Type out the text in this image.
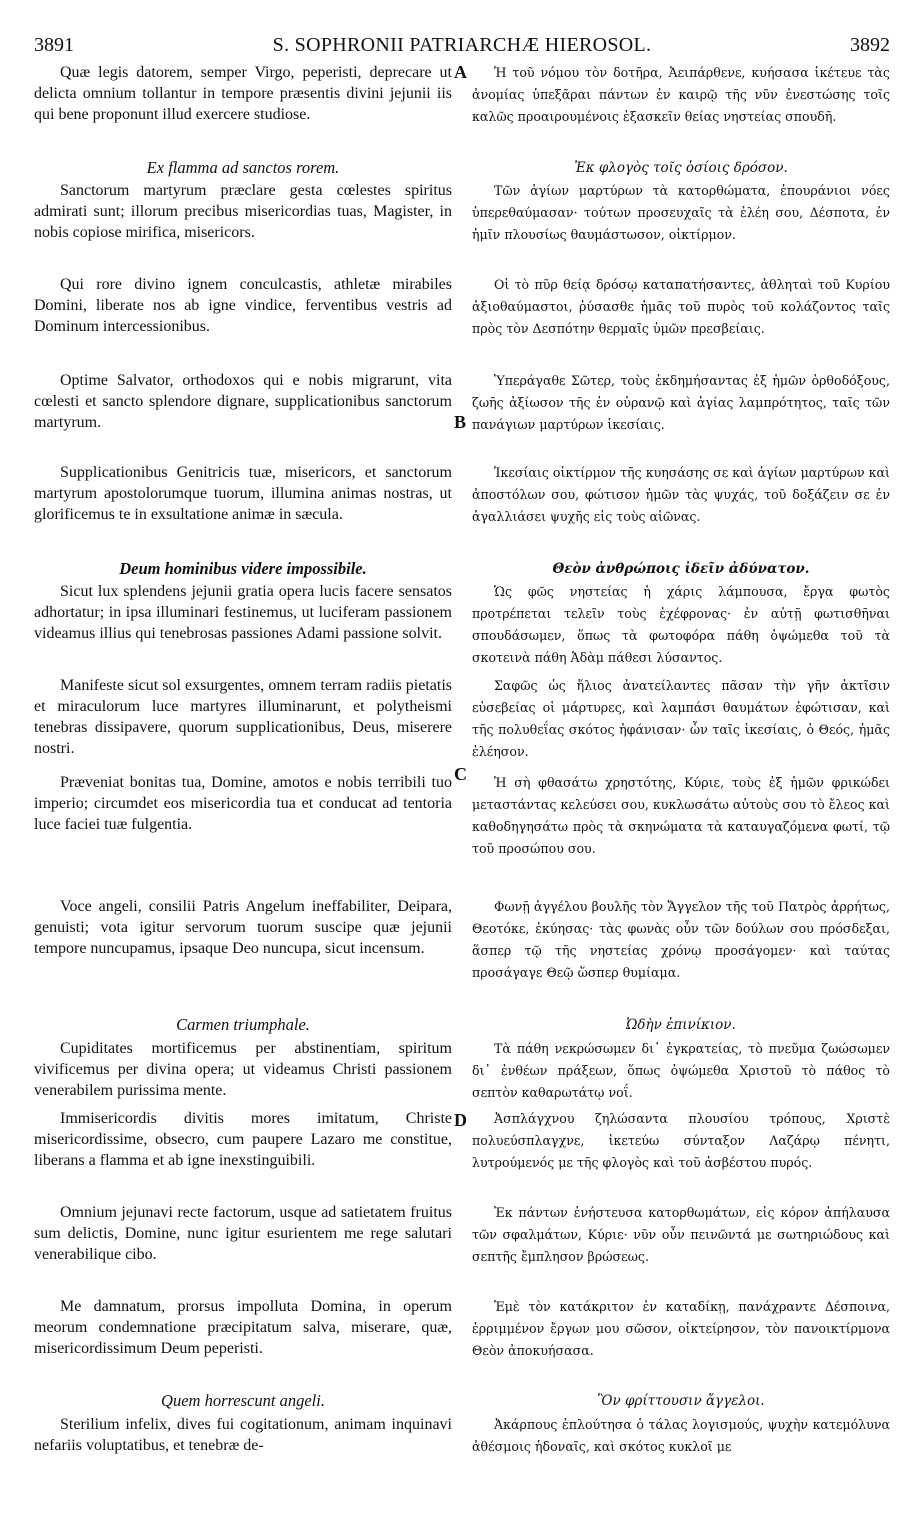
3891	S. SOPHRONII PATRIARCHÆ HIEROSOL.	3892
A
B
C
D

Quæ legis datorem, semper Virgo, peperisti, deprecare ut delicta omnium tollantur in tempore præsentis divini jejunii iis qui bene proponunt illud exercere studiose.

Ex flamma ad sanctos rorem.

Sanctorum martyrum præclare gesta cœlestes spiritus admirati sunt; illorum precibus misericordias tuas, Magister, in nobis copiose mirifica, misericors.

Qui rore divino ignem conculcastis, athletæ mirabiles Domini, liberate nos ab igne vindice, ferventibus vestris ad Dominum intercessionibus.

Optime Salvator, orthodoxos qui e nobis migrarunt, vita cœlesti et sancto splendore dignare, supplicationibus sanctorum martyrum.

Supplicationibus Genitricis tuæ, misericors, et sanctorum martyrum apostolorumque tuorum, illumina animas nostras, ut glorificemus te in exsultatione animæ in sæcula.

Deum hominibus videre impossibile.

Sicut lux splendens jejunii gratia opera lucis facere sensatos adhortatur; in ipsa illuminari festinemus, ut luciferam passionem videamus illius qui tenebrosas passiones Adami passione solvit.

Manifeste sicut sol exsurgentes, omnem terram radiis pietatis et miraculorum luce martyres illuminarunt, et polytheismi tenebras dissipavere, quorum supplicationibus, Deus, miserere nostri.

Præveniat bonitas tua, Domine, amotos e nobis terribili tuo imperio; circumdet eos misericordia tua et conducat ad tentoria luce faciei tuæ fulgentia.

Voce angeli, consilii Patris Angelum ineffabiliter, Deipara, genuisti; vota igitur servorum tuorum suscipe quæ jejunii tempore nuncupamus, ipsaque Deo nuncupa, sicut incensum.

Carmen triumphale.

Cupiditates mortificemus per abstinentiam, spiritum vivificemus per divina opera; ut videamus Christi passionem venerabilem purissima mente.

Immisericordis divitis mores imitatum, Christe misericordissime, obsecro, cum paupere Lazaro me constitue, liberans a flamma et ab igne inexstinguibili.

Omnium jejunavi recte factorum, usque ad satietatem fruitus sum delictis, Domine, nunc igitur esurientem me rege salutari venerabilique cibo.

Me damnatum, prorsus impolluta Domina, in operum meorum condemnatione præcipitatum salva, miserare, quæ, misericordissimum Deum peperisti.

Quem horrescunt angeli.

Sterilium infelix, dives fui cogitationum, animam inquinavi nefariis voluptatibus, et tenebræ de-

Ἡ τοῦ νόμου τὸν δοτῆρα, Ἀειπάρθενε, κυήσασα ἱκέτευε τὰς ἀνομίας ὑπεξᾶραι πάντων ἐν καιρῷ τῆς νῦν ἐνεστώσης τοῖς καλῶς προαιρουμένοις ἐξασκεῖν θείας νηστείας σπουδῆ.

Ἐκ φλογὸς τοῖς ὁσίοις δρόσον.

Τῶν ἁγίων μαρτύρων τὰ κατορθώματα, ἐπουράνιοι νόες ὑπερεθαύμασαν· τούτων προσευχαῖς τὰ ἐλέη σου, Δέσποτα, ἐν ἡμῖν πλουσίως θαυμάστωσον, οἰκτίρμον.

Οἱ τὸ πῦρ θείᾳ δρόσῳ καταπατήσαντες, ἀθληταὶ τοῦ Κυρίου ἀξιοθαύμαστοι, ῥύσασθε ἡμᾶς τοῦ πυρὸς τοῦ κολάζοντος ταῖς πρὸς τὸν Δεσπότην θερμαῖς ὑμῶν πρεσβείαις.

Ὑπεράγαθε Σῶτερ, τοὺς ἐκδημήσαντας ἐξ ἡμῶν ὀρθοδόξους, ζωῆς ἀξίωσον τῆς ἐν οὐρανῷ καὶ ἁγίας λαμπρότητος, ταῖς τῶν πανάγιων μαρτύρων ἱκεσίαις.

Ἱκεσίαις οἰκτίρμον τῆς κυησάσης σε καὶ ἁγίων μαρτύρων καὶ ἀποστόλων σου, φώτισον ἡμῶν τὰς ψυχάς, τοῦ δοξάζειν σε ἐν ἀγαλλιάσει ψυχῆς εἰς τοὺς αἰῶνας.

Θεὸν ἀνθρώποις ἰδεῖν ἀδύνατον.

Ὡς φῶς νηστείας ἡ χάρις λάμπουσα, ἔργα φωτὸς προτρέπεται τελεῖν τοὺς ἐχέφρονας· ἐν αὐτῇ φωτισθῆναι σπουδάσωμεν, ὅπως τὰ φωτοφόρα πάθη ὀψώμεθα τοῦ τὰ σκοτεινὰ πάθη Ἀδὰμ πάθεσι λύσαντος.

Σαφῶς ὡς ἥλιος ἀνατείλαντες πᾶσαν τὴν γῆν ἀκτῖσιν εὐσεβείας οἱ μάρτυρες, καὶ λαμπάσι θαυμάτων ἐφώτισαν, καὶ τῆς πολυθεΐας σκότος ἠφάνισαν· ὧν ταῖς ἱκεσίαις, ὁ Θεός, ἡμᾶς ἐλέησον.

Ἡ σὴ φθασάτω χρηστότης, Κύριε, τοὺς ἐξ ἡμῶν φρικώδει μεταστάντας κελεύσει σου, κυκλωσάτω αὐτοὺς σου τὸ ἔλεος καὶ καθοδηγησάτω πρὸς τὰ σκηνώματα τὰ καταυγαζόμενα φωτί, τῷ τοῦ προσώπου σου.

Φωνῇ ἀγγέλου βουλῆς τὸν Ἄγγελον τῆς τοῦ Πατρὸς ἀρρήτως, Θεοτόκε, ἐκύησας· τὰς φωνὰς οὖν τῶν δούλων σου πρόσδεξαι, ἅσπερ τῷ τῆς νηστείας χρόνῳ προσάγομεν· καὶ ταύτας προσάγαγε Θεῷ ὥσπερ θυμίαμα.

Ὠδὴν ἐπινίκιον.

Τὰ πάθη νεκρώσωμεν δι᾽ ἐγκρατείας, τὸ πνεῦμα ζωώσωμεν δι᾽ ἐνθέων πράξεων, ὅπως ὀψώμεθα Χριστοῦ τὸ πάθος τὸ σεπτὸν καθαρωτάτῳ νοΐ.

Ἀσπλάγχνου ζηλώσαντα πλουσίου τρόπους, Χριστὲ πολυεύσπλαγχνε, ἱκετεύω σύνταξον Λαζάρῳ πένητι, λυτρούμενός με τῆς φλογὸς καὶ τοῦ ἀσβέστου πυρός.

Ἐκ πάντων ἐνήστευσα κατορθωμάτων, εἰς κόρον ἀπήλαυσα τῶν σφαλμάτων, Κύριε· νῦν οὖν πεινῶντά με σωτηριώδους καὶ σεπτῆς ἔμπλησον βρώσεως.

Ἐμὲ τὸν κατάκριτον ἐν καταδίκῃ, πανάχραντε Δέσποινα, ἐρριμμένον ἔργων μου σῶσον, οἰκτείρησον, τὸν πανοικτίρμονα Θεὸν ἀποκυήσασα.

Ὃν φρίττουσιν ἄγγελοι.

Ἀκάρπους ἐπλούτησα ὁ τάλας λογισμούς, ψυχὴν κατεμόλυνα ἀθέσμοις ἡδοναῖς, καὶ σκότος κυκλοῖ με
